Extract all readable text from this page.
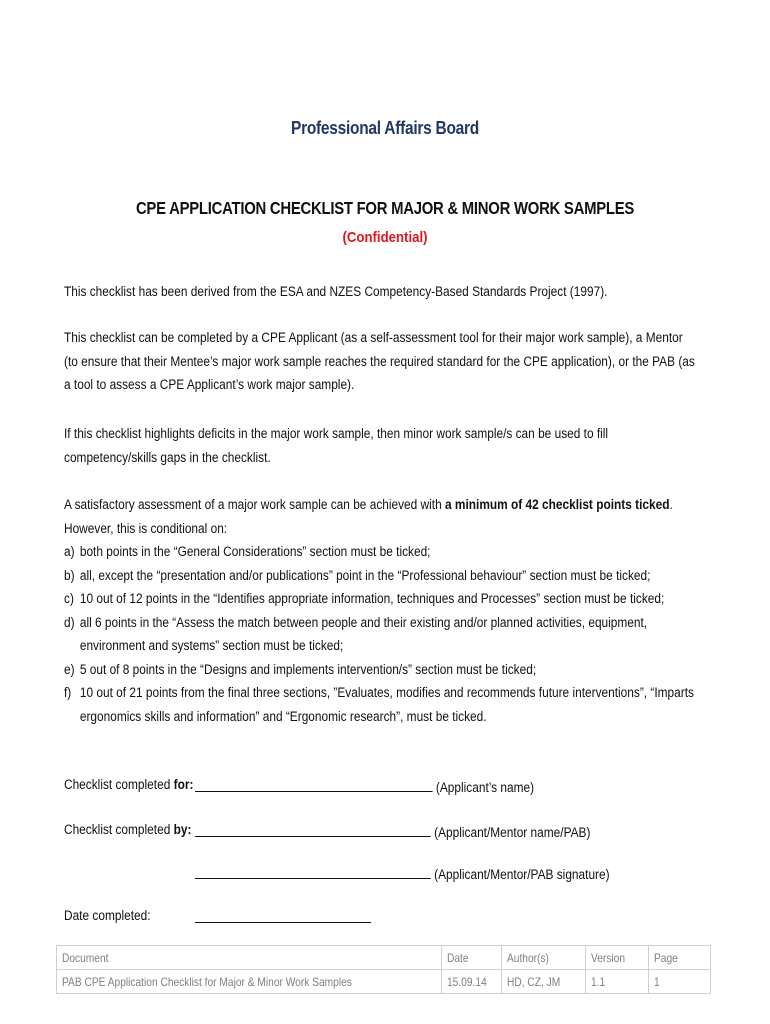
Professional Affairs Board
CPE APPLICATION CHECKLIST FOR MAJOR & MINOR WORK SAMPLES
(Confidential)
This checklist has been derived from the ESA and NZES Competency-Based Standards Project (1997).
This checklist can be completed by a CPE Applicant (as a self-assessment tool for their major work sample), a Mentor (to ensure that their Mentee’s major work sample reaches the required standard for the CPE application), or the PAB (as a tool to assess a CPE Applicant’s work major sample).
If this checklist highlights deficits in the major work sample, then minor work sample/s can be used to fill competency/skills gaps in the checklist.
A satisfactory assessment of a major work sample can be achieved with a minimum of 42 checklist points ticked. However, this is conditional on:
a) both points in the “General Considerations” section must be ticked;
b) all, except the “presentation and/or publications” point in the “Professional behaviour” section must be ticked;
c) 10 out of 12 points in the “Identifies appropriate information, techniques and Processes” section must be ticked;
d) all 6 points in the “Assess the match between people and their existing and/or planned activities, equipment, environment and systems” section must be ticked;
e) 5 out of 8 points in the “Designs and implements intervention/s” section must be ticked;
f) 10 out of 21 points from the final three sections, ”Evaluates, modifies and recommends future interventions”, “Imparts ergonomics skills and information” and “Ergonomic research”, must be ticked.
Checklist completed for:	(Applicant’s name)
Checklist completed by:	(Applicant/Mentor name/PAB)
(Applicant/Mentor/PAB signature)
Date completed:
Document	Date	Author(s)	Version	Page
PAB CPE Application Checklist for Major & Minor Work Samples	15.09.14	HD, CZ, JM	1.1	1
